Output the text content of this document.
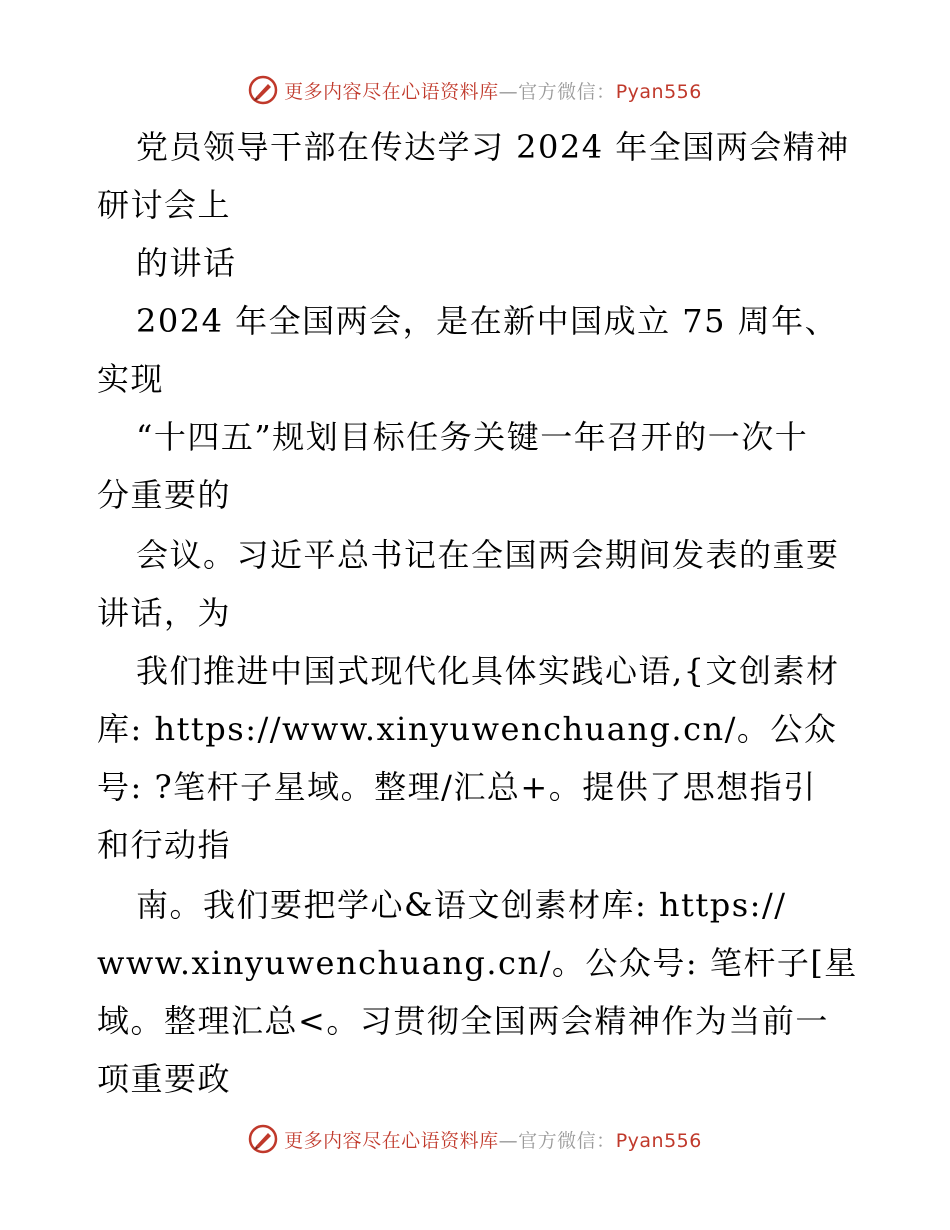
更多内容尽在心语资料库—官方微信：Pyan556
党员领导干部在传达学习 2024 年全国两会精神
研讨会上
的讲话
2024 年全国两会，是在新中国成立 75 周年、
实现
“十四五”规划目标任务关键一年召开的一次十
分重要的
会议。习近平总书记在全国两会期间发表的重要
讲话，为
我们推进中国式现代化具体实践心语,{文创素材
库: https://www.xinyuwenchuang.cn/。公众
号: ?笔杆子星域。整理/汇总+。提供了思想指引
和行动指
南。我们要把学心&语文创素材库: https://
www.xinyuwenchuang.cn/。公众号: 笔杆子[星
域。整理汇总<。习贯彻全国两会精神作为当前一
项重要政
更多内容尽在心语资料库—官方微信：Pyan556
